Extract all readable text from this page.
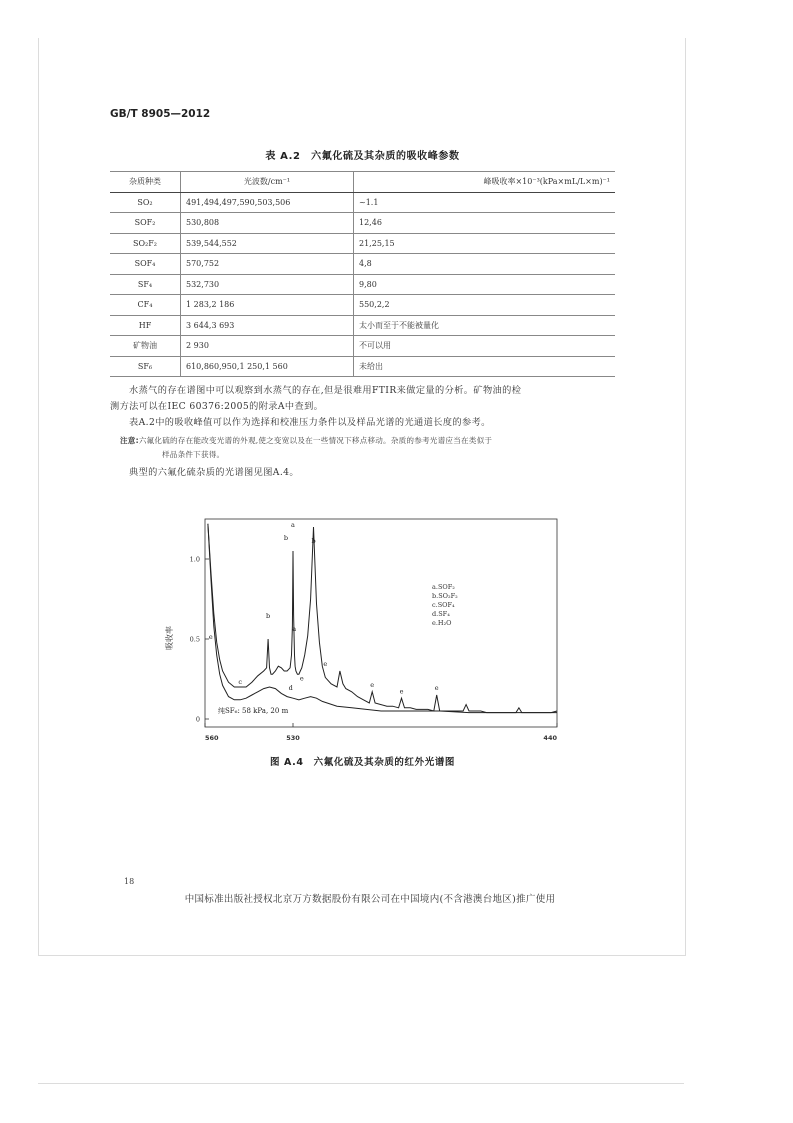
GB/T 8905—2012
表 A.2　六氟化硫及其杂质的吸收峰参数
杂质种类	光波数/cm⁻¹	峰吸收率×10⁻³(kPa×mL/L×m)⁻¹
SO₂	491,494,497,590,503,506	~1.1
SOF₂	530,808	12,46
SO₂F₂	539,544,552	21,25,15
SOF₄	570,752	4,8
SF₄	532,730	9,80
CF₄	1 283,2 186	550,2,2
HF	3 644,3 693	太小而至于不能被量化
矿物油	2 930	不可以用
SF₆	610,860,950,1 250,1 560	未给出
水蒸气的存在谱图中可以观察到水蒸气的存在,但是很难用FTIR来做定量的分析。矿物油的检
测方法可以在IEC 60376:2005的附录A中查到。
表A.2中的吸收峰值可以作为选择和校准压力条件以及样品光谱的光通道长度的参考。
注意:六氟化硫的存在能改变光谱的外观,使之变宽以及在一些情况下移点移动。杂质的参考光谱应当在类似于
样品条件下获得。
典型的六氟化硫杂质的光谱图见图A.4。
0
0.5
1.0
560	530	440
吸收率
a
b
b
b
a
c
d
e
e
e
e
e	e
a.SOF₂
b.SO₂F₂
c.SOF₄
d.SF₄
e.H₂O
纯SF₆: 58 kPa, 20 m
图 A.4　六氟化硫及其杂质的红外光谱图
18
中国标准出版社授权北京万方数据股份有限公司在中国境内(不含港澳台地区)推广使用
